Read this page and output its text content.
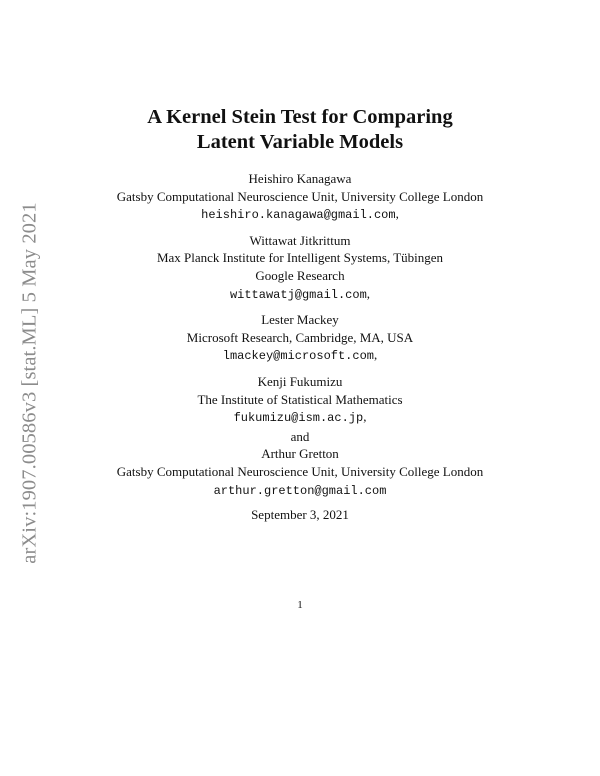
arXiv:1907.00586v3 [stat.ML] 5 May 2021
A Kernel Stein Test for Comparing
Latent Variable Models
Heishiro Kanagawa
Gatsby Computational Neuroscience Unit, University College London
heishiro.kanagawa@gmail.com,
Wittawat Jitkrittum
Max Planck Institute for Intelligent Systems, Tübingen
Google Research
wittawatj@gmail.com,
Lester Mackey
Microsoft Research, Cambridge, MA, USA
lmackey@microsoft.com,
Kenji Fukumizu
The Institute of Statistical Mathematics
fukumizu@ism.ac.jp,
and
Arthur Gretton
Gatsby Computational Neuroscience Unit, University College London
arthur.gretton@gmail.com
September 3, 2021
1
